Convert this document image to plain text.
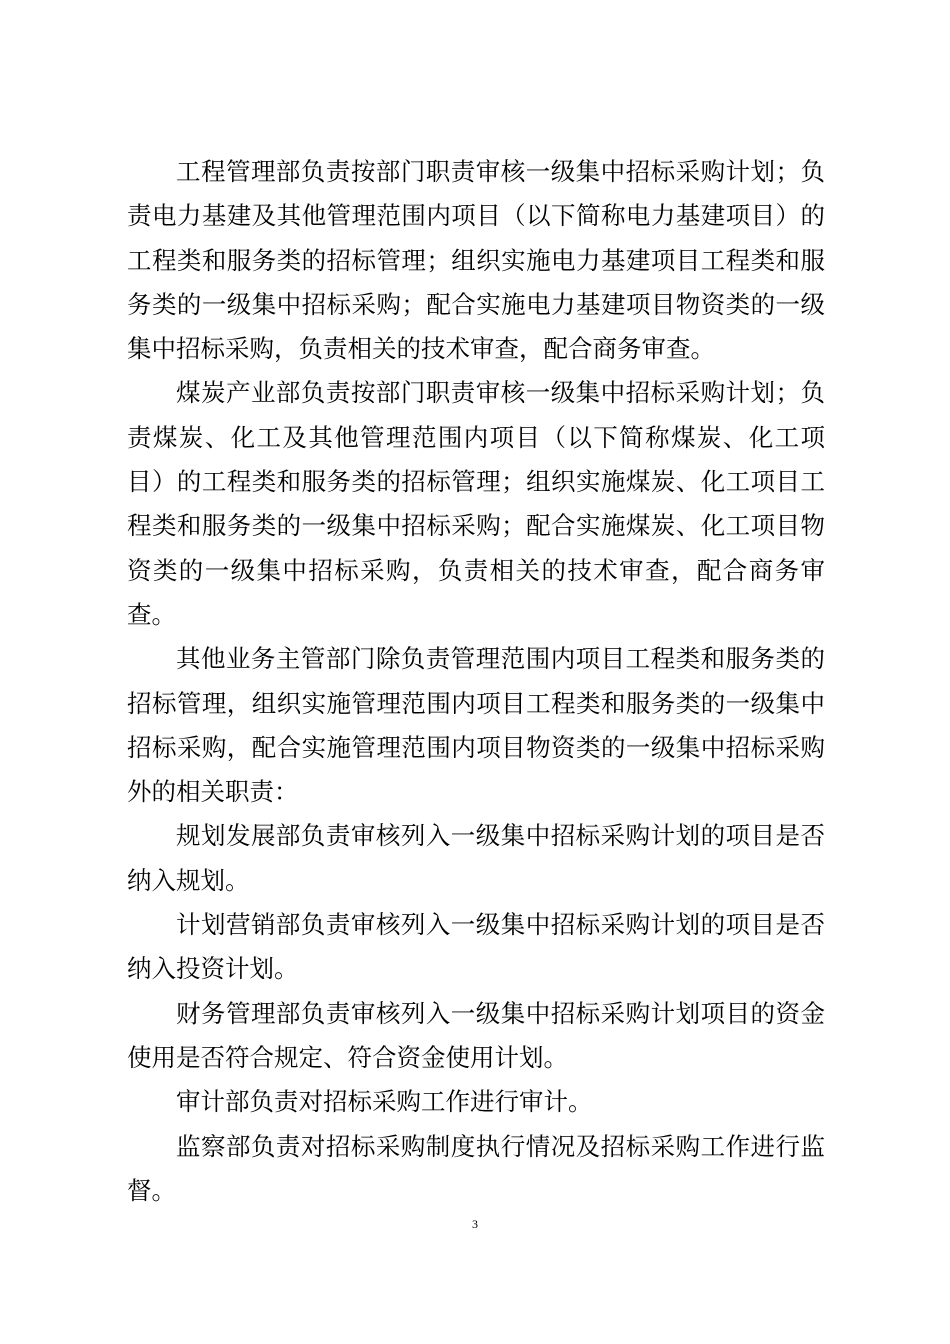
工程管理部负责按部门职责审核一级集中招标采购计划；负责电力基建及其他管理范围内项目（以下简称电力基建项目）的工程类和服务类的招标管理；组织实施电力基建项目工程类和服务类的一级集中招标采购；配合实施电力基建项目物资类的一级集中招标采购，负责相关的技术审查，配合商务审查。

煤炭产业部负责按部门职责审核一级集中招标采购计划；负责煤炭、化工及其他管理范围内项目（以下简称煤炭、化工项目）的工程类和服务类的招标管理；组织实施煤炭、化工项目工程类和服务类的一级集中招标采购；配合实施煤炭、化工项目物资类的一级集中招标采购，负责相关的技术审查，配合商务审查。

其他业务主管部门除负责管理范围内项目工程类和服务类的招标管理，组织实施管理范围内项目工程类和服务类的一级集中招标采购，配合实施管理范围内项目物资类的一级集中招标采购外的相关职责：

规划发展部负责审核列入一级集中招标采购计划的项目是否纳入规划。

计划营销部负责审核列入一级集中招标采购计划的项目是否纳入投资计划。

财务管理部负责审核列入一级集中招标采购计划项目的资金使用是否符合规定、符合资金使用计划。

审计部负责对招标采购工作进行审计。

监察部负责对招标采购制度执行情况及招标采购工作进行监督。

3
